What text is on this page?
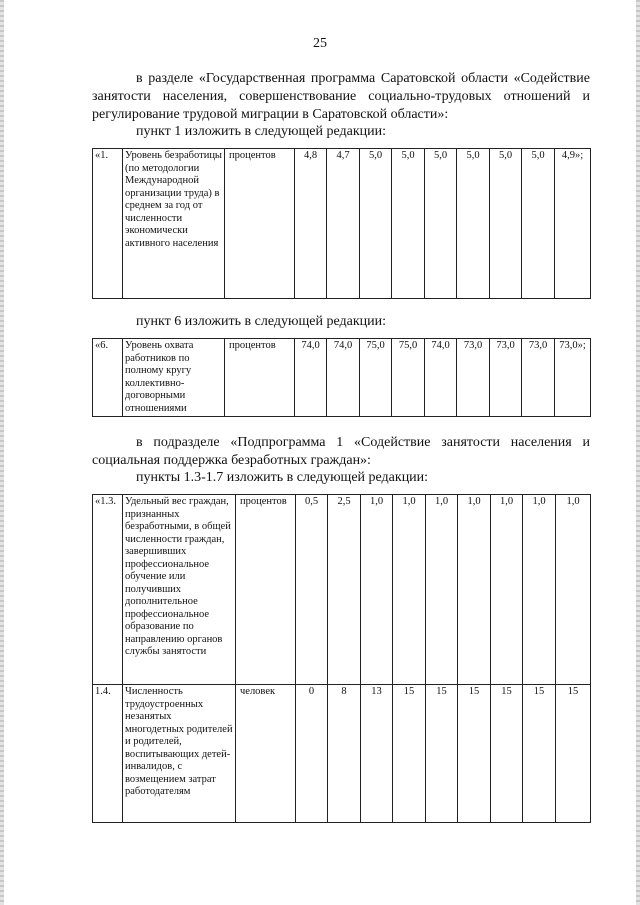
25
в разделе «Государственная программа Саратовской области «Содействие занятости населения, совершенствование социально-трудовых отношений и регулирование трудовой миграции в Саратовской области»:
пункт 1 изложить в следующей редакции:
«1.	Уровень безработицы (по методологии Международной организации труда) в среднем за год от численности экономически активного населения	процентов	4,8	4,7	5,0	5,0	5,0	5,0	5,0	5,0	4,9»;
пункт 6 изложить в следующей редакции:
«6.	Уровень охвата работников по полному кругу коллективно-договорными отношениями	процентов	74,0	74,0	75,0	75,0	74,0	73,0	73,0	73,0	73,0»;
в подразделе «Подпрограмма 1 «Содействие занятости населения и социальная поддержка безработных граждан»:
пункты 1.3-1.7 изложить в следующей редакции:
«1.3.	Удельный вес граждан, признанных безработными, в общей численности граждан, завершивших профессиональное обучение или получивших дополнительное профессиональное образование по направлению органов службы занятости	процентов	0,5	2,5	1,0	1,0	1,0	1,0	1,0	1,0	1,0
1.4.	Численность трудоустроенных незанятых многодетных родителей и родителей, воспитывающих детей-инвалидов, с возмещением затрат работодателям	человек	0	8	13	15	15	15	15	15	15
